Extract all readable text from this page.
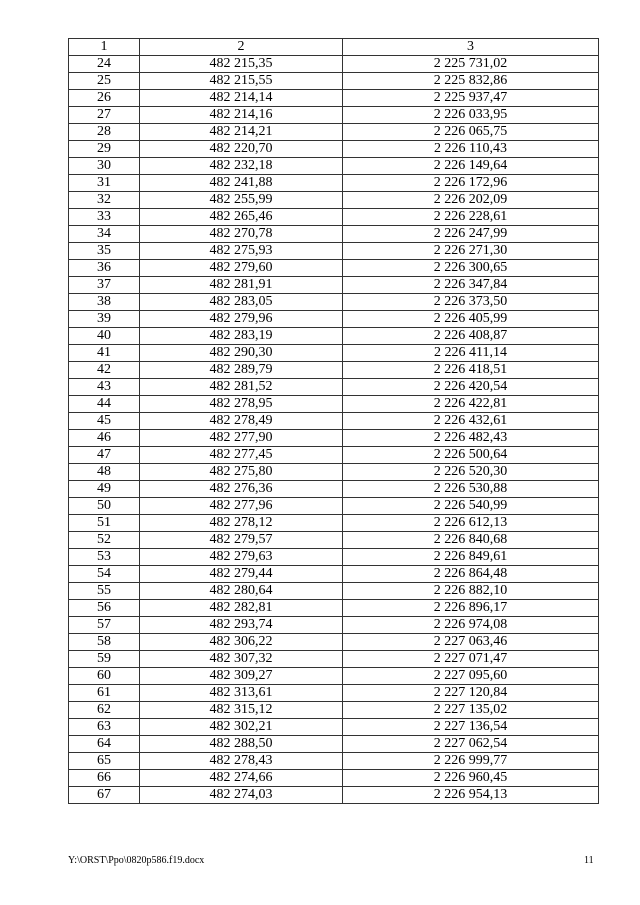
1	2	3
24	482 215,35	2 225 731,02
25	482 215,55	2 225 832,86
26	482 214,14	2 225 937,47
27	482 214,16	2 226 033,95
28	482 214,21	2 226 065,75
29	482 220,70	2 226 110,43
30	482 232,18	2 226 149,64
31	482 241,88	2 226 172,96
32	482 255,99	2 226 202,09
33	482 265,46	2 226 228,61
34	482 270,78	2 226 247,99
35	482 275,93	2 226 271,30
36	482 279,60	2 226 300,65
37	482 281,91	2 226 347,84
38	482 283,05	2 226 373,50
39	482 279,96	2 226 405,99
40	482 283,19	2 226 408,87
41	482 290,30	2 226 411,14
42	482 289,79	2 226 418,51
43	482 281,52	2 226 420,54
44	482 278,95	2 226 422,81
45	482 278,49	2 226 432,61
46	482 277,90	2 226 482,43
47	482 277,45	2 226 500,64
48	482 275,80	2 226 520,30
49	482 276,36	2 226 530,88
50	482 277,96	2 226 540,99
51	482 278,12	2 226 612,13
52	482 279,57	2 226 840,68
53	482 279,63	2 226 849,61
54	482 279,44	2 226 864,48
55	482 280,64	2 226 882,10
56	482 282,81	2 226 896,17
57	482 293,74	2 226 974,08
58	482 306,22	2 227 063,46
59	482 307,32	2 227 071,47
60	482 309,27	2 227 095,60
61	482 313,61	2 227 120,84
62	482 315,12	2 227 135,02
63	482 302,21	2 227 136,54
64	482 288,50	2 227 062,54
65	482 278,43	2 226 999,77
66	482 274,66	2 226 960,45
67	482 274,03	2 226 954,13
Y:\ORST\Ppo\0820p586.f19.docx	11
